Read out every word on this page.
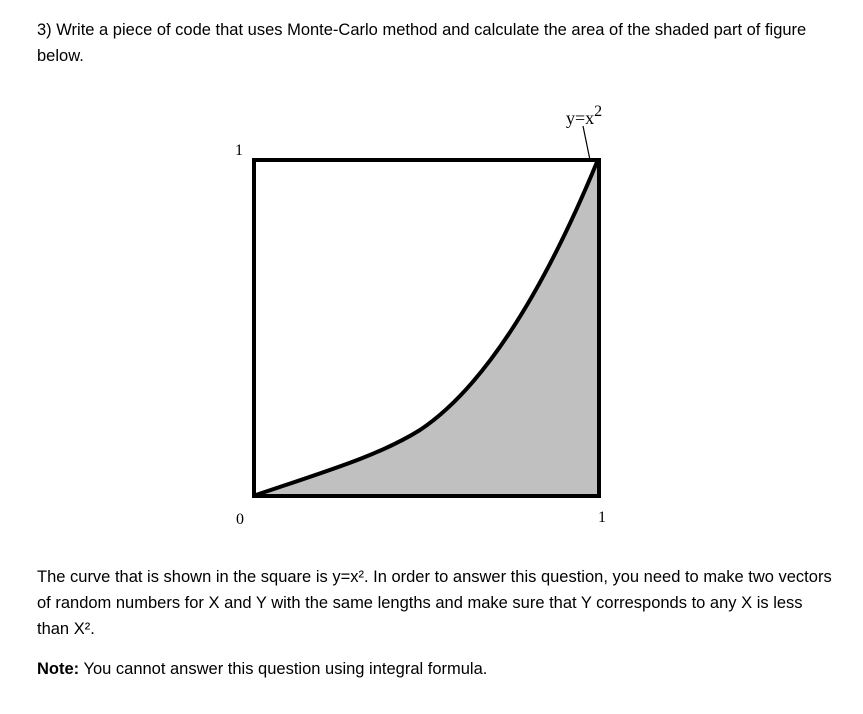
3) Write a piece of code that uses Monte-Carlo method and calculate the area of the shaded part of figure below.

y=x2
1
0	1

The curve that is shown in the square is y=x². In order to answer this question, you need to make two vectors of random numbers for X and Y with the same lengths and make sure that Y corresponds to any X is less than X².

Note: You cannot answer this question using integral formula.
